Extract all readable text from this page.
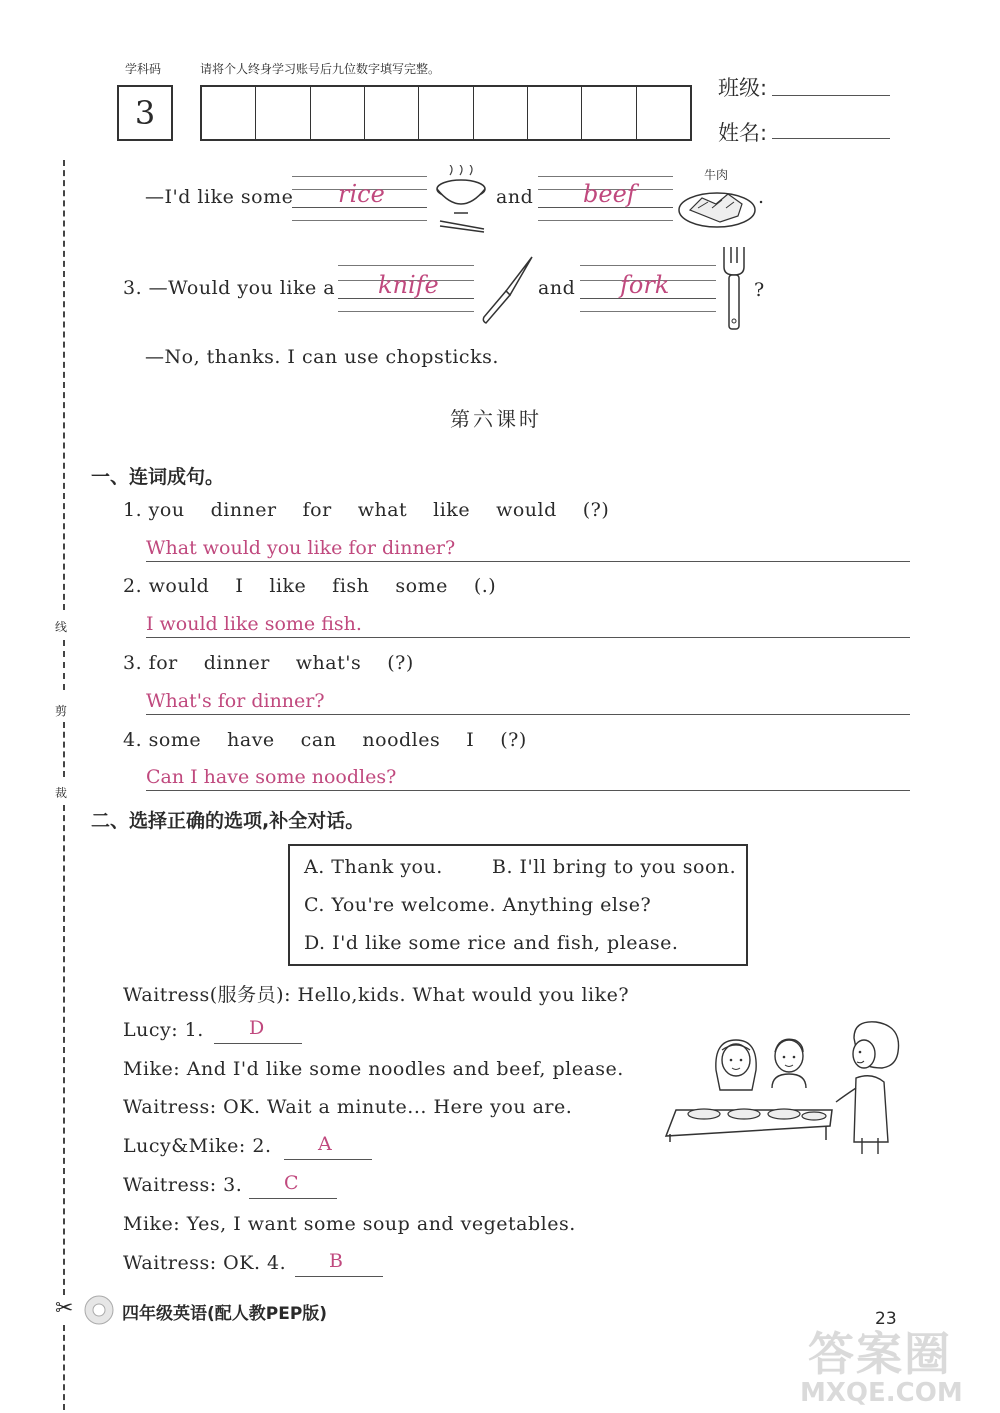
学科码	请将个人终身学习账号后九位数字填写完整。
3
班级:
姓名:
线
剪
裁
—I'd like some rice	and beef
牛肉
.
3. —Would you like a knife	and fork	?
—No, thanks. I can use chopsticks.
第六课时
一、连词成句。
1. you dinner for what like would (?)
What would you like for dinner?
2. would I like fish some (.)
I would like some fish.
3. for dinner what's (?)
What's for dinner?
4. some have can noodles I (?)
Can I have some noodles?
二、选择正确的选项,补全对话。
A. Thank you.	B. I'll bring to you soon.
C. You're welcome. Anything else?
D. I'd like some rice and fish, please.
Waitress(服务员): Hello,kids. What would you like?
Lucy: 1. D
Mike: And I'd like some noodles and beef, please.
Waitress: OK. Wait a minute... Here you are.
Lucy&Mike: 2. A
Waitress: 3. C
Mike: Yes, I want some soup and vegetables.
Waitress: OK. 4. B
✂	四年级英语(配人教PEP版)	23
答案圈
MXQE.COM
